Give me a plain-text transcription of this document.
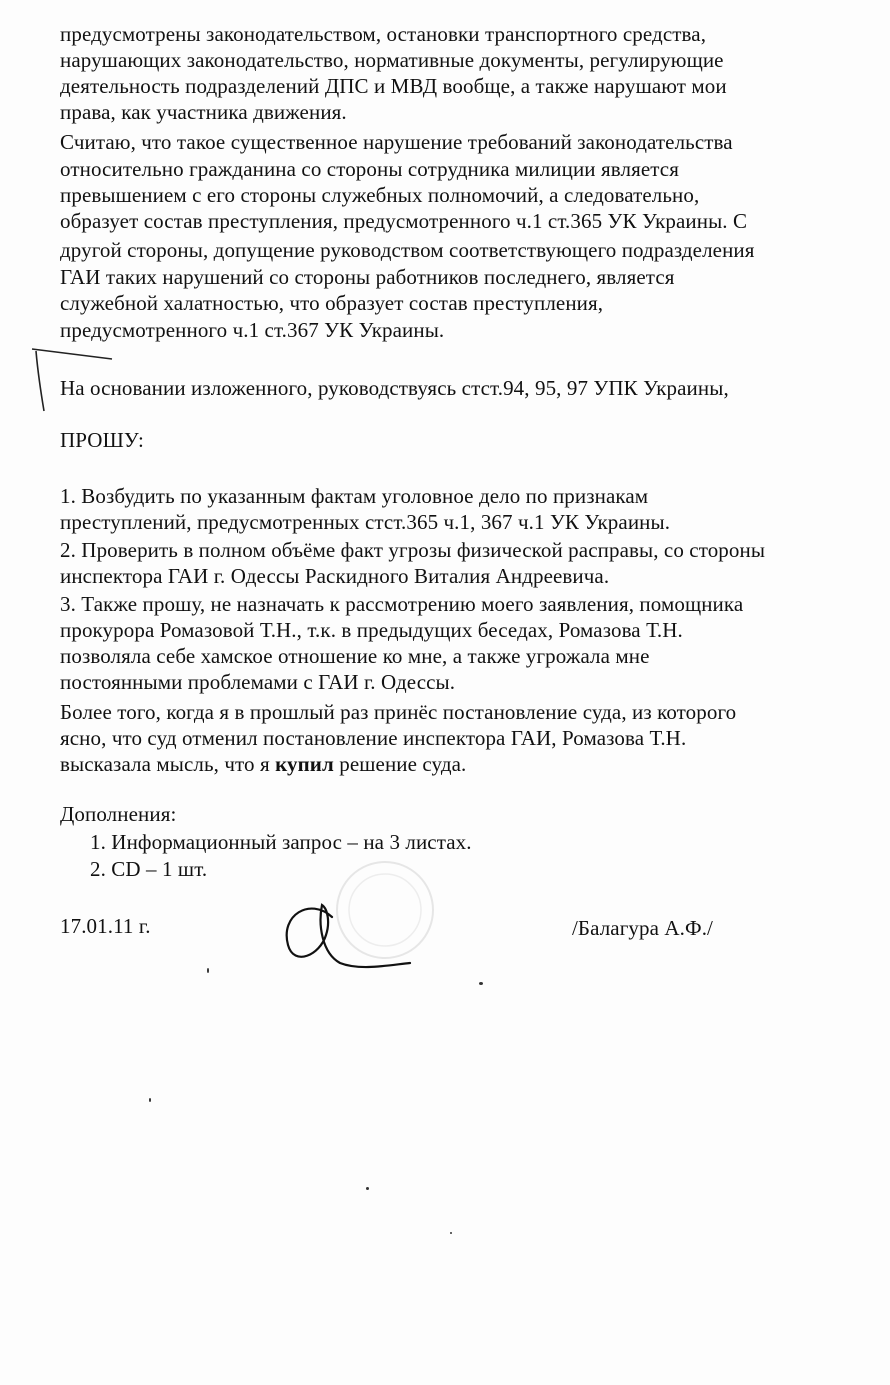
предусмотрены законодательством, остановки транспортного средства,
нарушающих законодательство, нормативные документы, регулирующие
деятельность подразделений ДПС и МВД вообще, а также нарушают мои
права, как участника движения.
Считаю, что такое существенное нарушение требований законодательства
относительно гражданина со стороны сотрудника милиции является
превышением с его стороны служебных полномочий, а следовательно,
образует состав преступления, предусмотренного ч.1 ст.365 УК Украины. С
другой стороны, допущение руководством соответствующего подразделения
ГАИ таких нарушений со стороны работников последнего, является
служебной халатностью, что образует состав преступления,
предусмотренного ч.1 ст.367 УК Украины.
На основании изложенного, руководствуясь стст.94, 95, 97 УПК Украины,
ПРОШУ:
1. Возбудить по указанным фактам уголовное дело по признакам
преступлений, предусмотренных стст.365 ч.1, 367 ч.1 УК Украины.
2. Проверить в полном объёме факт угрозы физической расправы, со стороны
инспектора ГАИ г. Одессы Раскидного Виталия Андреевича.
3. Также прошу, не назначать к рассмотрению моего заявления, помощника
прокурора Ромазовой Т.Н., т.к. в предыдущих беседах, Ромазова Т.Н.
позволяла себе хамское отношение ко мне, а также угрожала мне
постоянными проблемами с ГАИ г. Одессы.
Более того, когда я в прошлый раз принёс постановление суда, из которого
ясно, что суд отменил постановление инспектора ГАИ, Ромазова Т.Н.
высказала мысль, что я купил решение суда.
Дополнения:
1. Информационный запрос – на 3 листах.
2. CD – 1 шт.
17.01.11 г.	/Балагура А.Ф./
